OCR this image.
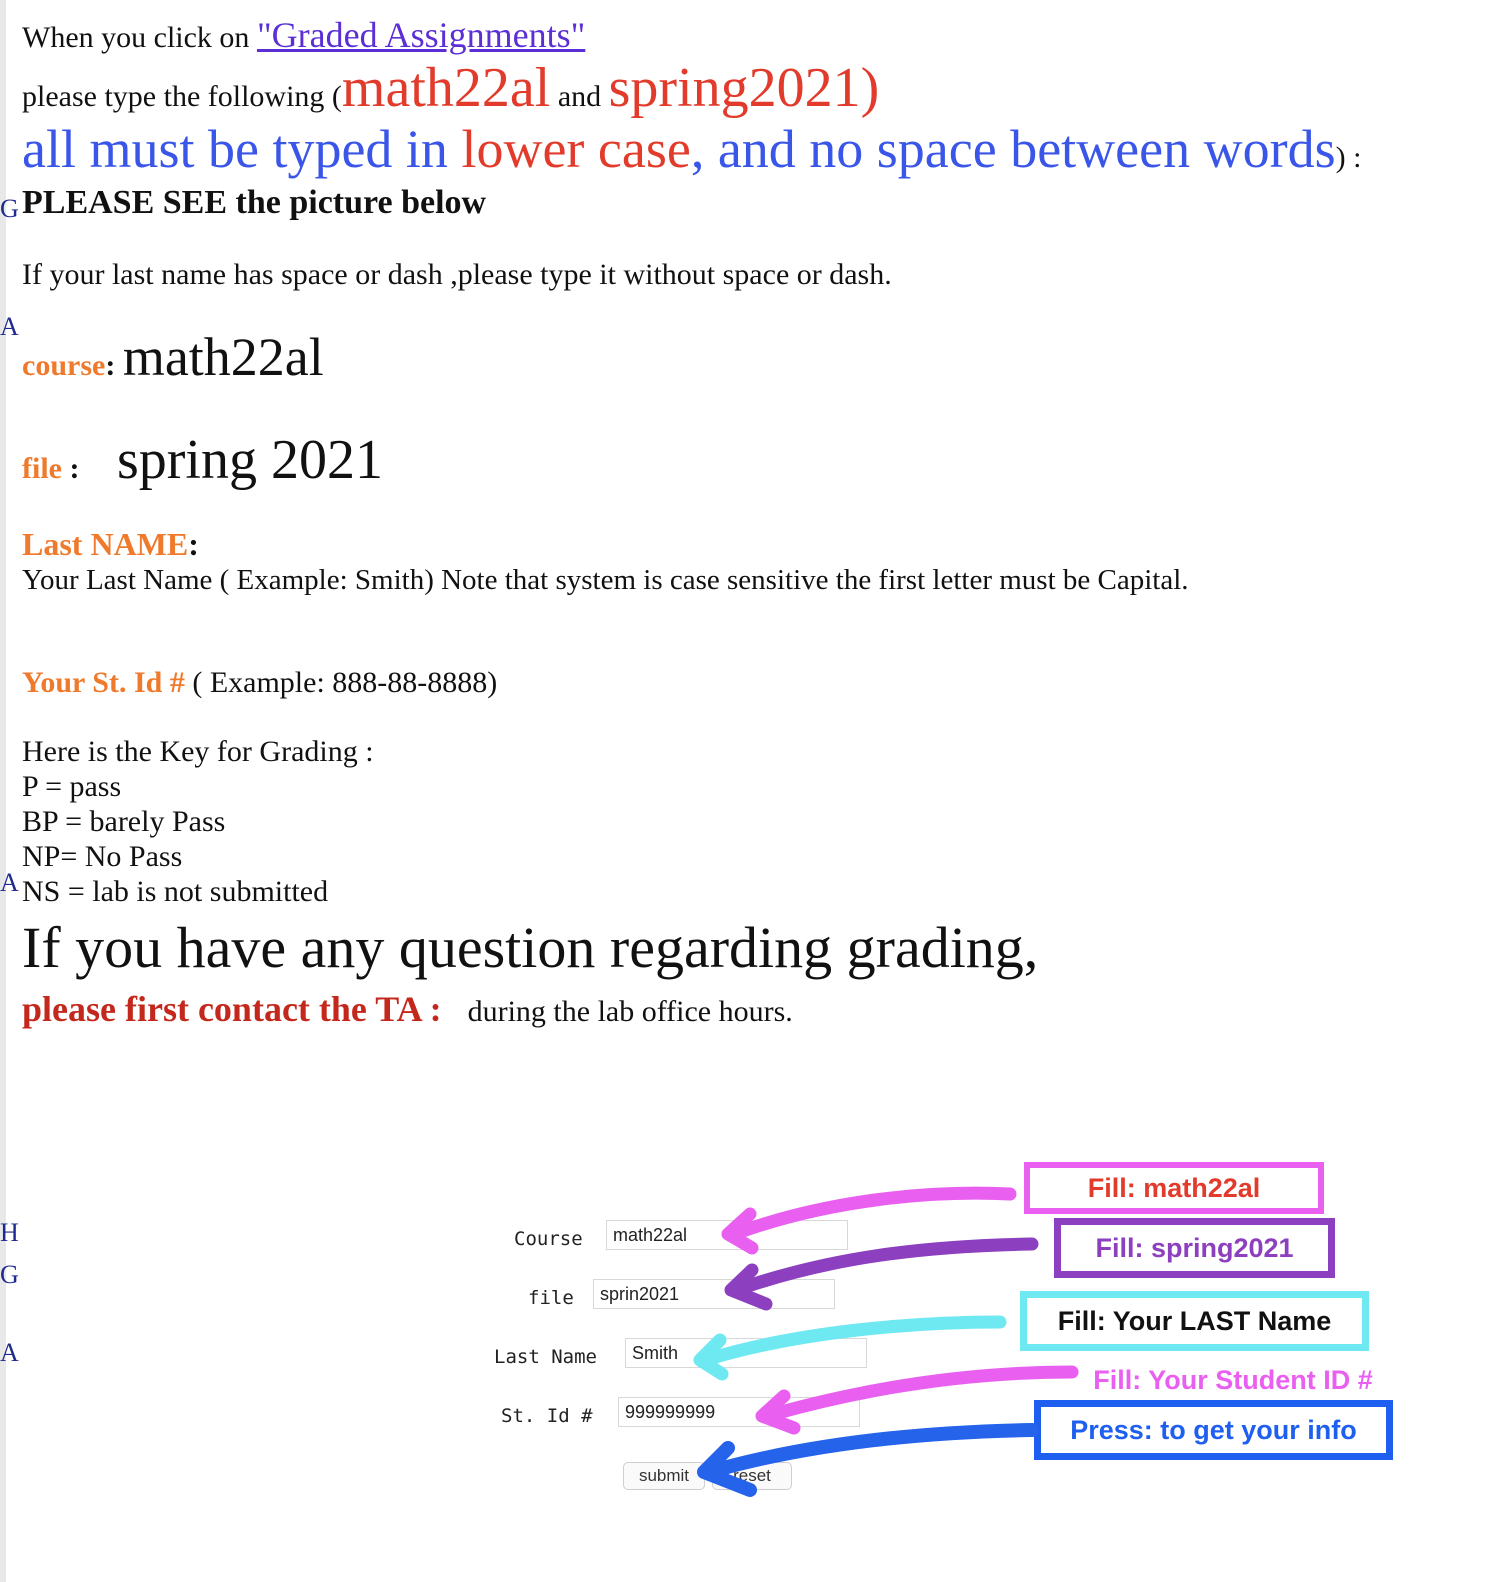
G
A
A
H
G
A
When you click on "Graded Assignments"
please type the following (math22al and spring2021)
all must be typed in lower case, and no space between words) :
PLEASE SEE the picture below
If your last name has space or dash ,please type it without space or dash.
course: math22al
file : spring 2021
Last NAME:
Your Last Name ( Example: Smith) Note that system is case sensitive the first letter must be Capital.
Your St. Id # ( Example: 888-88-8888)
Here is the Key for Grading :
P = pass
BP = barely Pass
NP= No Pass
NS = lab is not submitted
If you have any question regarding grading,
please first contact the TA : during the lab office hours.
Course	math22al
file	sprin2021
Last Name	Smith
St. Id #	999999999
submit	reset
Fill: math22al
Fill: spring2021
Fill: Your LAST Name
Fill: Your Student ID #
Press: to get your info
